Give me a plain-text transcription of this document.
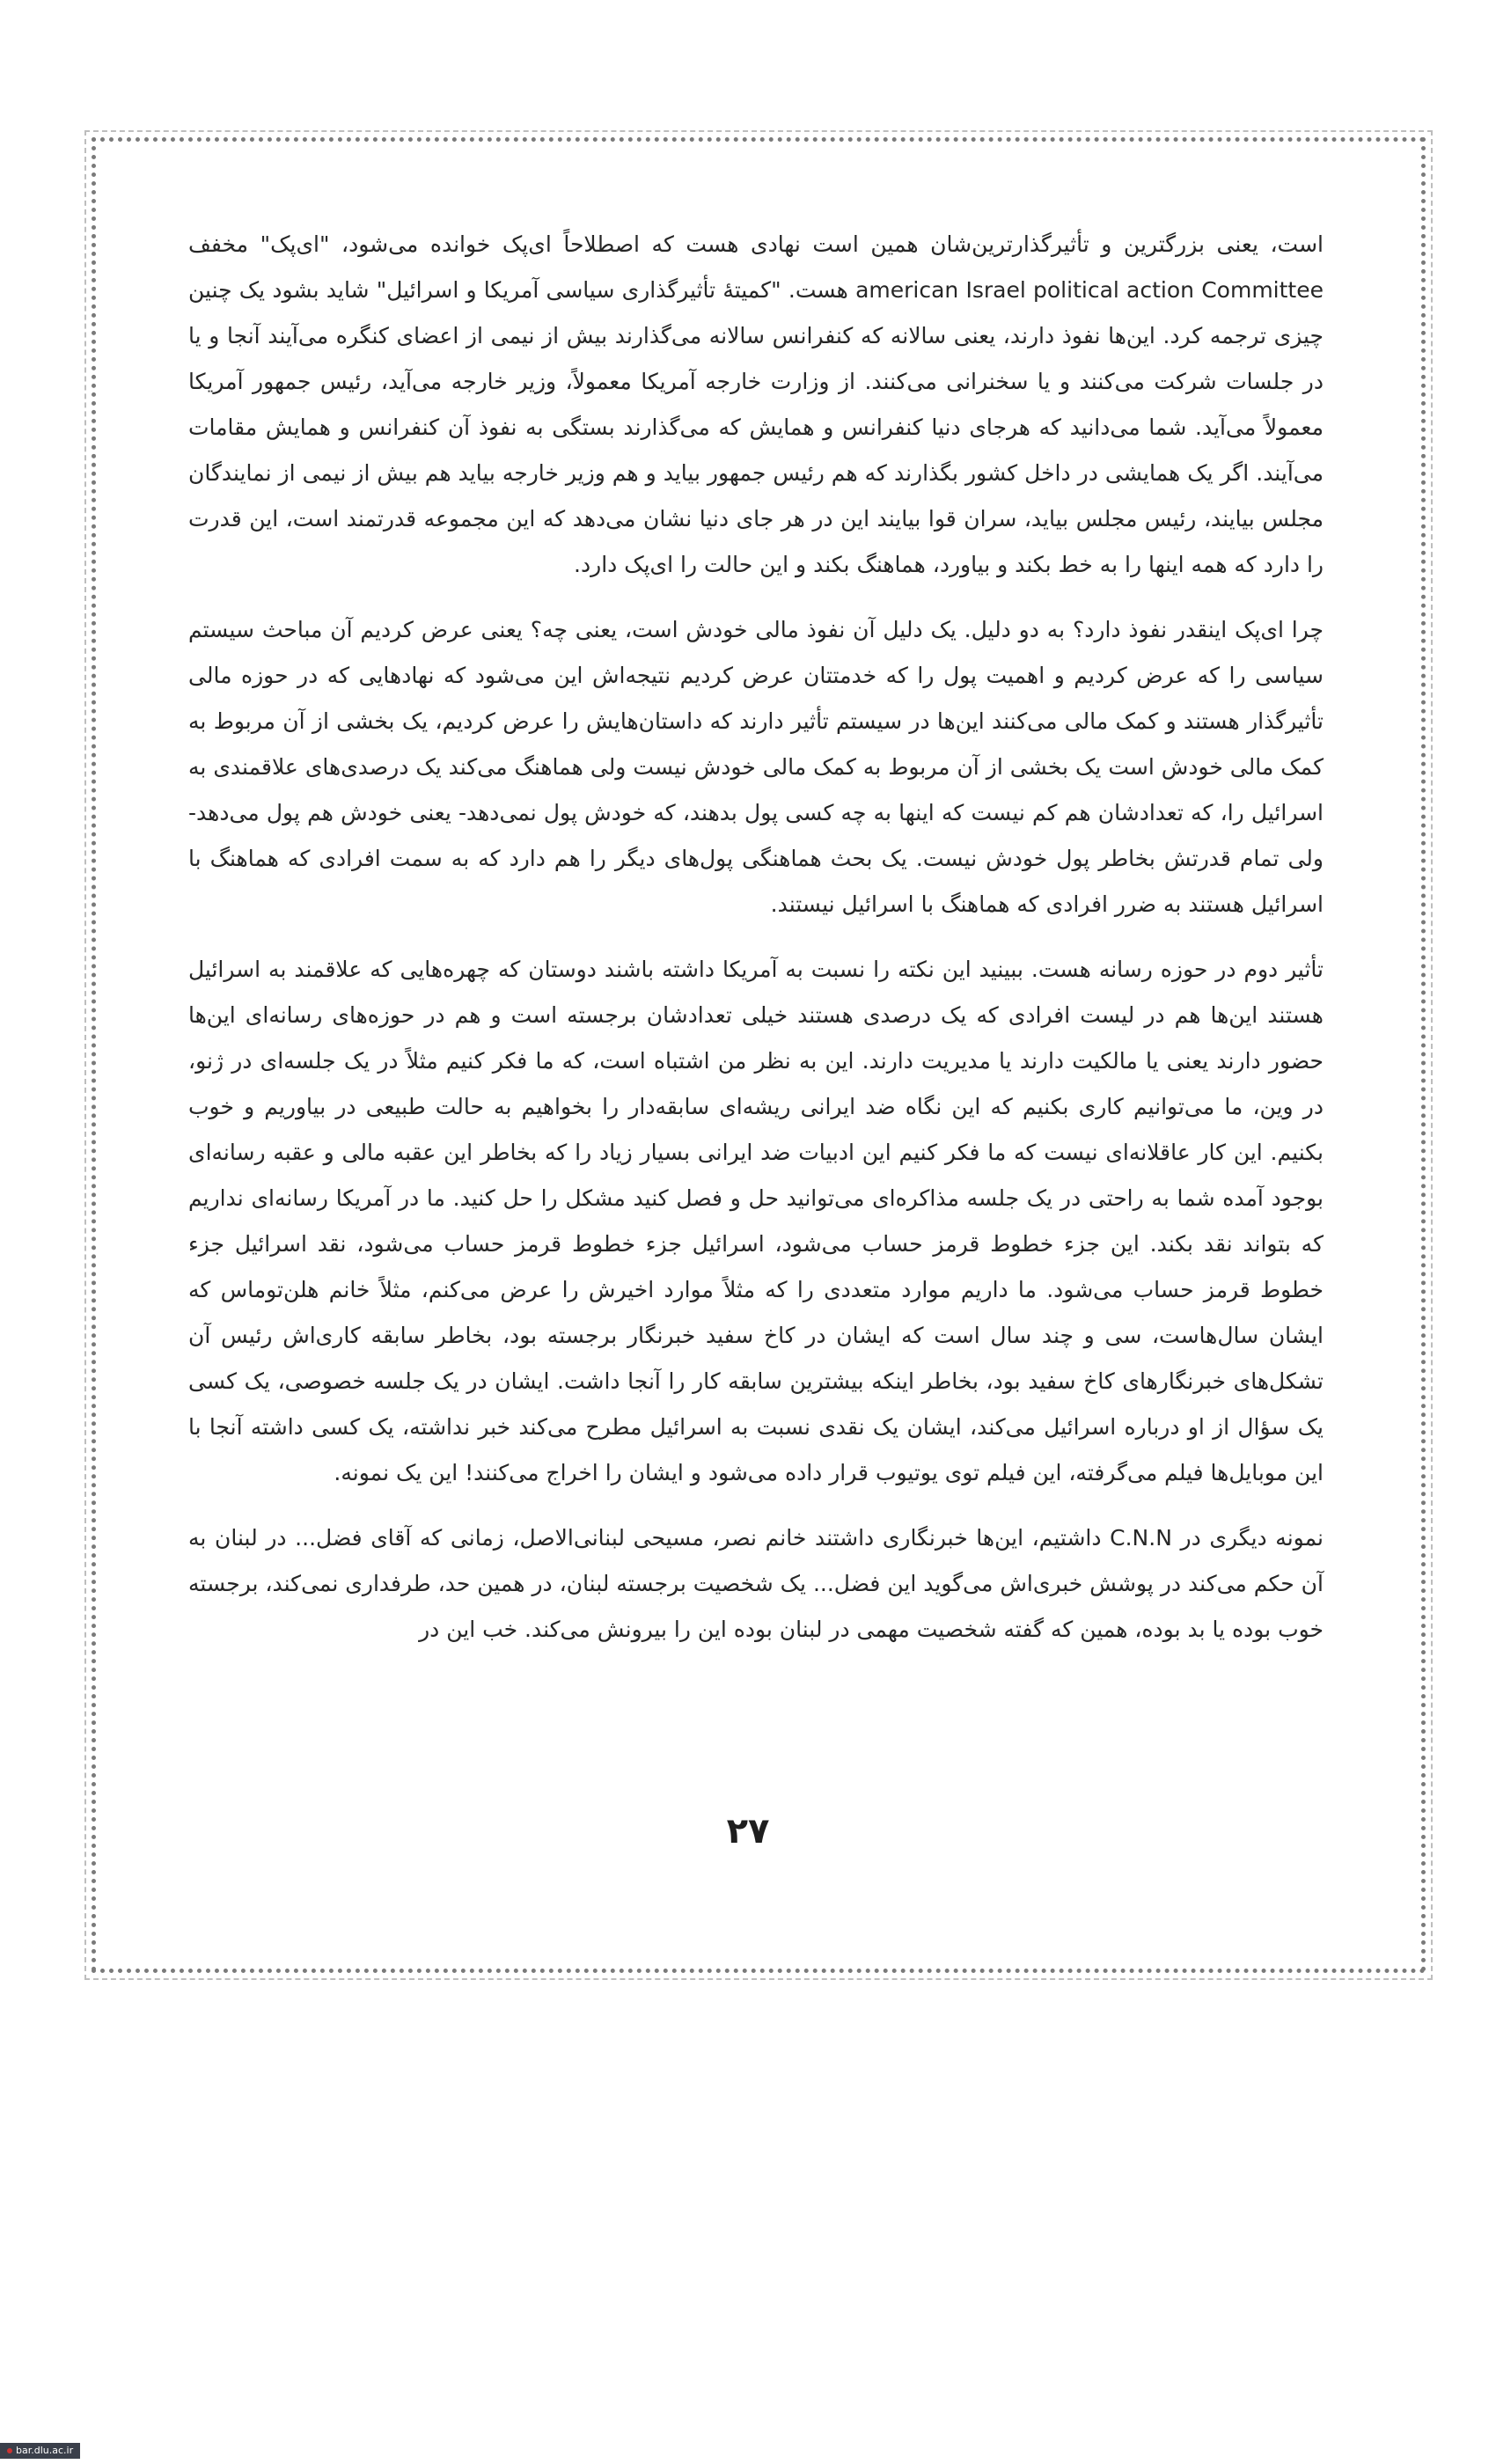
است، یعنی بزرگترین و تأثیرگذارترین‌شان همین است نهادی هست که اصطلاحاً ای‌پک خوانده می‌شود، "ای‌پک" مخفف american Israel political action Committee هست. "کمیتهٔ تأثیرگذاری سیاسی آمریکا و اسرائیل" شاید بشود یک چنین چیزی ترجمه کرد. این‌ها نفوذ دارند، یعنی سالانه که کنفرانس سالانه می‌گذارند بیش از نیمی از اعضای کنگره می‌آیند آنجا و یا در جلسات شرکت می‌کنند و یا سخنرانی می‌کنند. از وزارت خارجه آمریکا معمولاً، وزیر خارجه می‌آید، رئیس جمهور آمریکا معمولاً می‌آید. شما می‌دانید که هرجای دنیا کنفرانس و همایش که می‌گذارند بستگی به نفوذ آن کنفرانس و همایش مقامات می‌آیند. اگر یک همایشی در داخل کشور بگذارند که هم رئیس جمهور بیاید و هم وزیر خارجه بیاید هم بیش از نیمی از نمایندگان مجلس بیایند، رئیس مجلس بیاید، سران قوا بیایند این در هر جای دنیا نشان می‌دهد که این مجموعه قدرتمند است، این قدرت را دارد که همه اینها را به خط بکند و بیاورد، هماهنگ بکند و این حالت را ای‌پک دارد.

چرا ای‌پک اینقدر نفوذ دارد؟ به دو دلیل. یک دلیل آن نفوذ مالی خودش است، یعنی چه؟ یعنی عرض کردیم آن مباحث سیستم سیاسی را که عرض کردیم و اهمیت پول را که خدمتتان عرض کردیم نتیجه‌اش این می‌شود که نهادهایی که در حوزه مالی تأثیرگذار هستند و کمک مالی می‌کنند این‌ها در سیستم تأثیر دارند که داستان‌هایش را عرض کردیم، یک بخشی از آن مربوط به کمک مالی خودش است یک بخشی از آن مربوط به کمک مالی خودش نیست ولی هماهنگ می‌کند یک درصدی‌های علاقمندی به اسرائیل را، که تعدادشان هم کم نیست که اینها به چه کسی پول بدهند، که خودش پول نمی‌دهد- یعنی خودش هم پول می‌دهد- ولی تمام قدرتش بخاطر پول خودش نیست. یک بحث هماهنگی پول‌های دیگر را هم دارد که به سمت افرادی که هماهنگ با اسرائیل هستند به ضرر افرادی که هماهنگ با اسرائیل نیستند.

تأثیر دوم در حوزه رسانه هست. ببینید این نکته را نسبت به آمریکا داشته باشند دوستان که چهره‌هایی که علاقمند به اسرائیل هستند این‌ها هم در لیست افرادی که یک درصدی هستند خیلی تعدادشان برجسته است و هم در حوزه‌های رسانه‌ای این‌ها حضور دارند یعنی یا مالکیت دارند یا مدیریت دارند. این به نظر من اشتباه است، که ما فکر کنیم مثلاً در یک جلسه‌ای در ژنو، در وین، ما می‌توانیم کاری بکنیم که این نگاه ضد ایرانی ریشه‌ای سابقه‌دار را بخواهیم به حالت طبیعی در بیاوریم و خوب بکنیم. این کار عاقلانه‌ای نیست که ما فکر کنیم این ادبیات ضد ایرانی بسیار زیاد را که بخاطر این عقبه مالی و عقبه رسانه‌ای بوجود آمده شما به راحتی در یک جلسه مذاکره‌ای می‌توانید حل و فصل کنید مشکل را حل کنید. ما در آمریکا رسانه‌ای نداریم که بتواند نقد بکند. این جزء خطوط قرمز حساب می‌شود، اسرائیل جزء خطوط قرمز حساب می‌شود، نقد اسرائیل جزء خطوط قرمز حساب می‌شود. ما داریم موارد متعددی را که مثلاً موارد اخیرش را عرض می‌کنم، مثلاً خانم هلن‌توماس که ایشان سال‌هاست، سی و چند سال است که ایشان در کاخ سفید خبرنگار برجسته بود، بخاطر سابقه کاری‌اش رئیس آن تشکل‌های خبرنگارهای کاخ سفید بود، بخاطر اینکه بیشترین سابقه کار را آنجا داشت. ایشان در یک جلسه خصوصی، یک کسی یک سؤال از او درباره اسرائیل می‌کند، ایشان یک نقدی نسبت به اسرائیل مطرح می‌کند خبر نداشته، یک کسی داشته آنجا با این موبایل‌ها فیلم می‌گرفته، این فیلم توی یوتیوب قرار داده می‌شود و ایشان را اخراج می‌کنند! این یک نمونه.

نمونه دیگری در C.N.N داشتیم، این‌ها خبرنگاری داشتند خانم نصر، مسیحی لبنانی‌الاصل، زمانی که آقای فضل‌... در لبنان به آن حکم می‌کند در پوشش خبری‌اش می‌گوید این فضل‌... یک شخصیت برجسته لبنان، در همین حد، طرفداری نمی‌کند، برجسته خوب بوده یا بد بوده، همین که گفته شخصیت مهمی در لبنان بوده این را بیرونش می‌کند. خب این در

۲۷
bar.dlu.ac.ir
